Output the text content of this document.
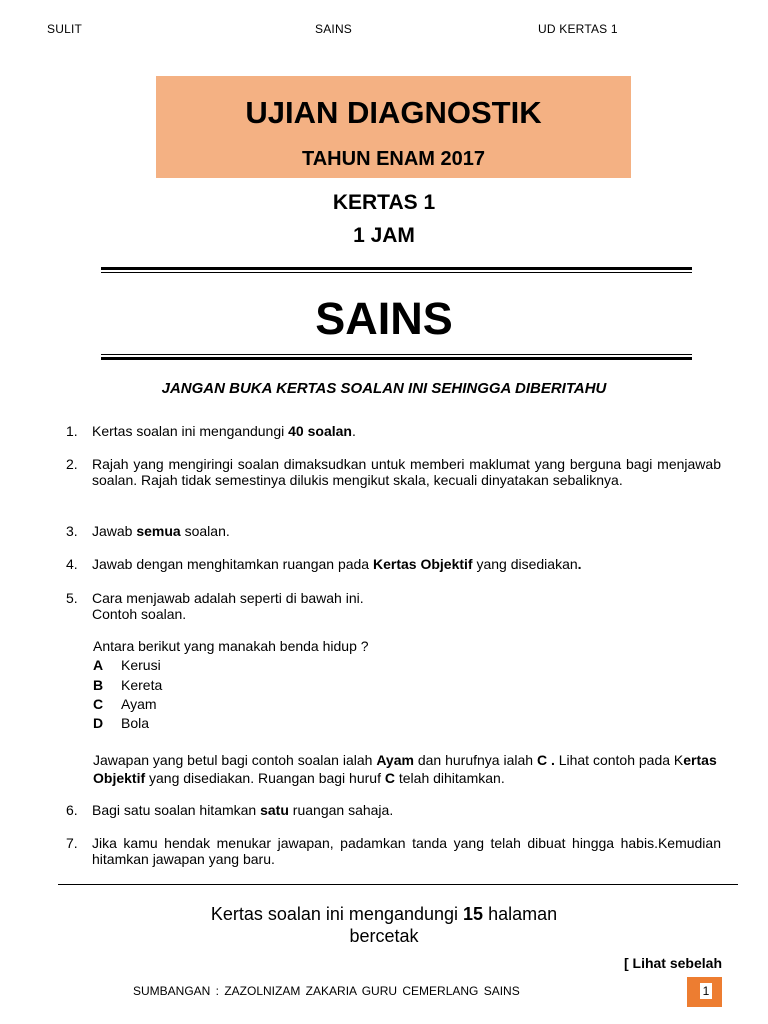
SULIT	SAINS	UD KERTAS 1
UJIAN DIAGNOSTIK
TAHUN ENAM 2017
KERTAS 1
1 JAM
SAINS
JANGAN BUKA KERTAS SOALAN INI SEHINGGA DIBERITAHU
1.	Kertas soalan ini mengandungi 40 soalan.
2.	Rajah yang mengiringi soalan dimaksudkan untuk memberi maklumat yang berguna bagi menjawab soalan. Rajah tidak semestinya dilukis mengikut skala, kecuali dinyatakan sebaliknya.
3.	Jawab semua soalan.
4.	Jawab dengan menghitamkan ruangan pada Kertas Objektif yang disediakan.
5.	Cara menjawab adalah seperti di bawah ini.
Contoh soalan.
Antara berikut yang manakah benda hidup ?
A	Kerusi
B	Kereta
C	Ayam
D	Bola
Jawapan yang betul bagi contoh soalan ialah Ayam dan hurufnya ialah C . Lihat contoh pada Kertas Objektif yang disediakan. Ruangan bagi huruf C telah dihitamkan.
6.	Bagi satu soalan hitamkan satu ruangan sahaja.
7.	Jika kamu hendak menukar jawapan, padamkan tanda yang telah dibuat hingga habis.Kemudian hitamkan jawapan yang baru.
Kertas soalan ini mengandungi 15 halaman
bercetak
[ Lihat sebelah
SUMBANGAN : ZAZOLNIZAM ZAKARIA GURU CEMERLANG SAINS	1
